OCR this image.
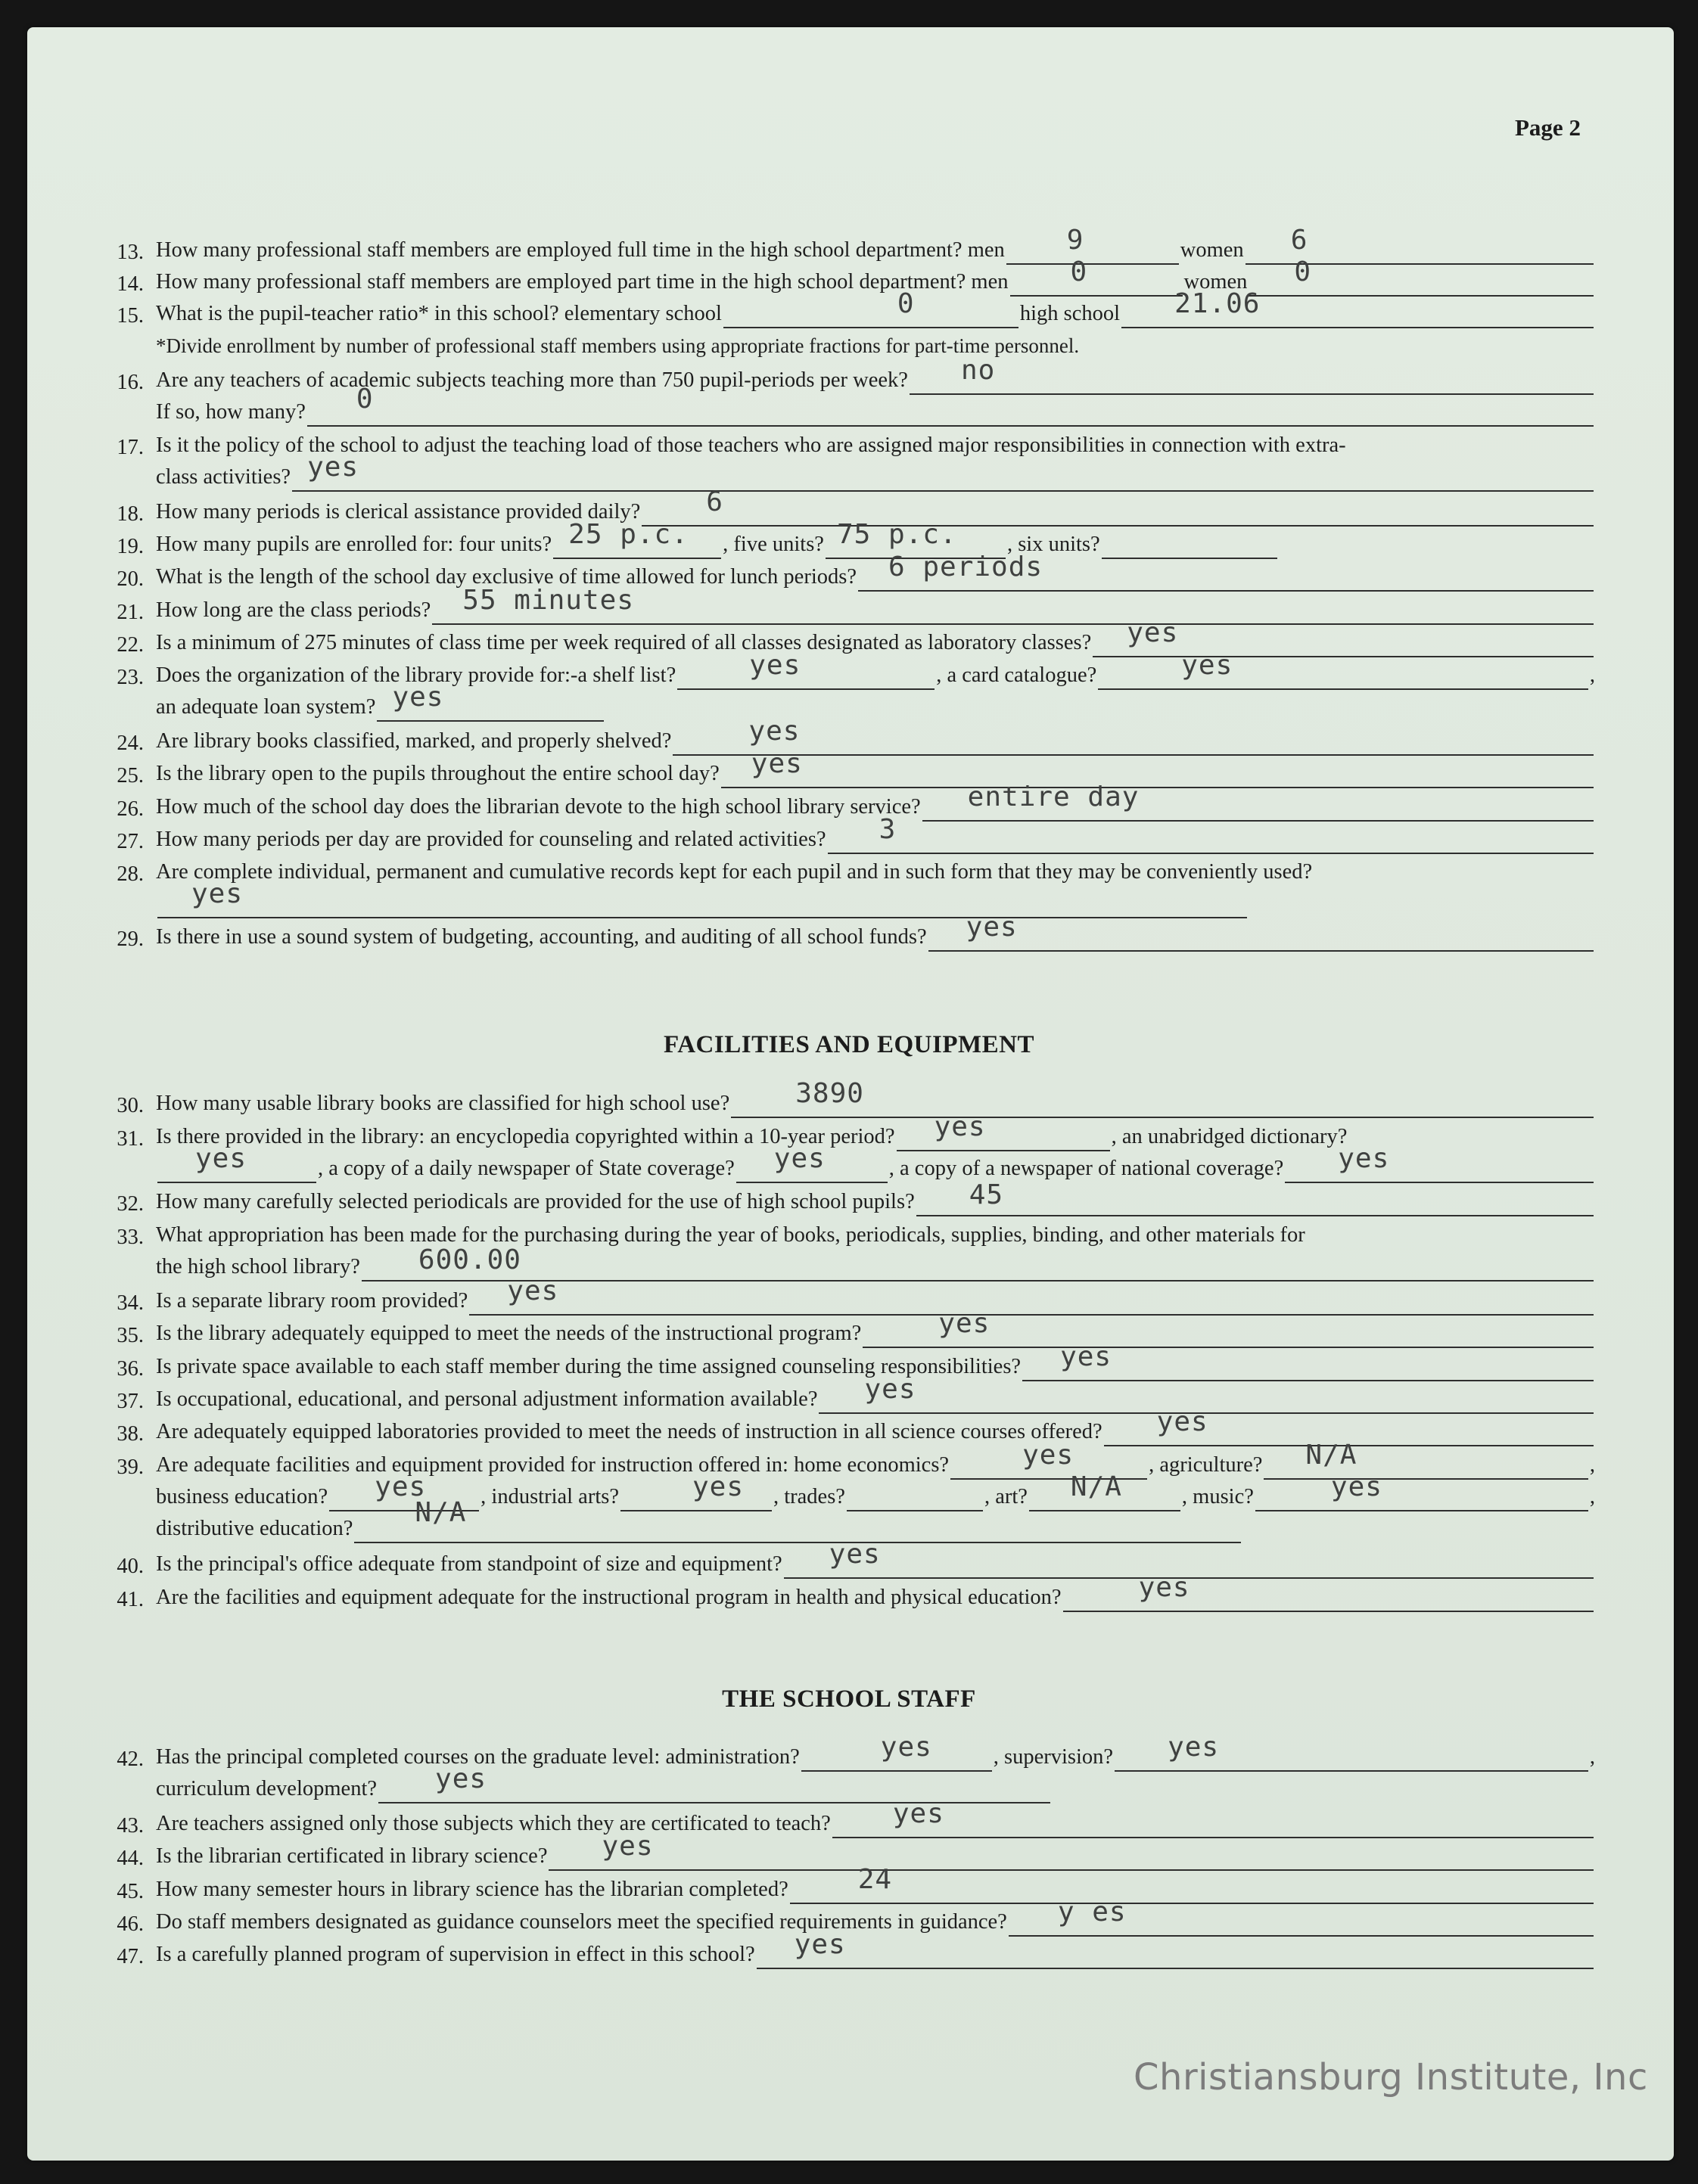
Page 2
13. How many professional staff members are employed full time in the high school department?
men 9	women 6
14. How many professional staff members are employed part time in the high school department?
men 0	women 0
15. What is the pupil-teacher ratio* in this school? elementary school	0	high school 21.06
*Divide enrollment by number of professional staff members using appropriate fractions for part-time personnel.
16. Are any teachers of academic subjects teaching more than 750 pupil-periods per week? no
If so, how many? 0
17. Is it the policy of the school to adjust the teaching load of those teachers who are assigned major responsibilities in connection with extra-
class activities? yes
18. How many periods is clerical assistance provided daily? 6
19. How many pupils are enrolled for: four units? 25 p.c. , five units? 75 p.c. , six units?
20. What is the length of the school day exclusive of time allowed for lunch periods? 6 periods
21. How long are the class periods? 55 minutes
22. Is a minimum of 275 minutes of class time per week required of all classes designated as laboratory classes? yes
23. Does the organization of the library provide for:-a shelf list?	yes	, a card catalogue?	yes	,
an adequate loan system? yes
24. Are library books classified, marked, and properly shelved?	yes
25. Is the library open to the pupils throughout the entire school day? yes
26. How much of the school day does the librarian devote to the high school library service? entire day
27. How many periods per day are provided for counseling and related activities? 3
28. Are complete individual, permanent and cumulative records kept for each pupil and in such form that they may be conveniently used?
yes
29. Is there in use a sound system of budgeting, accounting, and auditing of all school funds? yes
FACILITIES AND EQUIPMENT
30. How many usable library books are classified for high school use? 3890
31. Is there provided in the library: an encyclopedia copyrighted within a 10-year period? yes	, an unabridged dictionary?
yes	, a copy of a daily newspaper of State coverage? yes	, a copy of a newspaper of national coverage? yes
32. How many carefully selected periodicals are provided for the use of high school pupils? 45
33. What appropriation has been made for the purchasing during the year of books, periodicals, supplies, binding, and other materials for
the high school library? 600.00
34. Is a separate library room provided? yes
35. Is the library adequately equipped to meet the needs of the instructional program?	yes
36. Is private space available to each staff member during the time assigned counseling responsibilities? yes
37. Is occupational, educational, and personal adjustment information available? yes
38. Are adequately equipped laboratories provided to meet the needs of instruction in all science courses offered? yes
39. Are adequate facilities and equipment provided for instruction offered in: home economics?	yes	, agriculture? N/A	,
business education? yes	, industrial arts?	yes , trades?	, art? N/A	, music?	yes	,
distributive education?
N/A
40. Is the principal's office adequate from standpoint of size and equipment? yes
41. Are the facilities and equipment adequate for the instructional program in health and physical education?	yes
THE SCHOOL STAFF
42. Has the principal completed courses on the graduate level: administration?	yes	, supervision? yes	,
curriculum development? yes
43. Are teachers assigned only those subjects which they are certificated to teach? yes
44. Is the librarian certificated in library science? yes
45. How many semester hours in library science has the librarian completed?	24
46. Do staff members designated as guidance counselors meet the specified requirements in guidance? y es
47. Is a carefully planned program of supervision in effect in this school? yes
Christiansburg Institute, Inc
